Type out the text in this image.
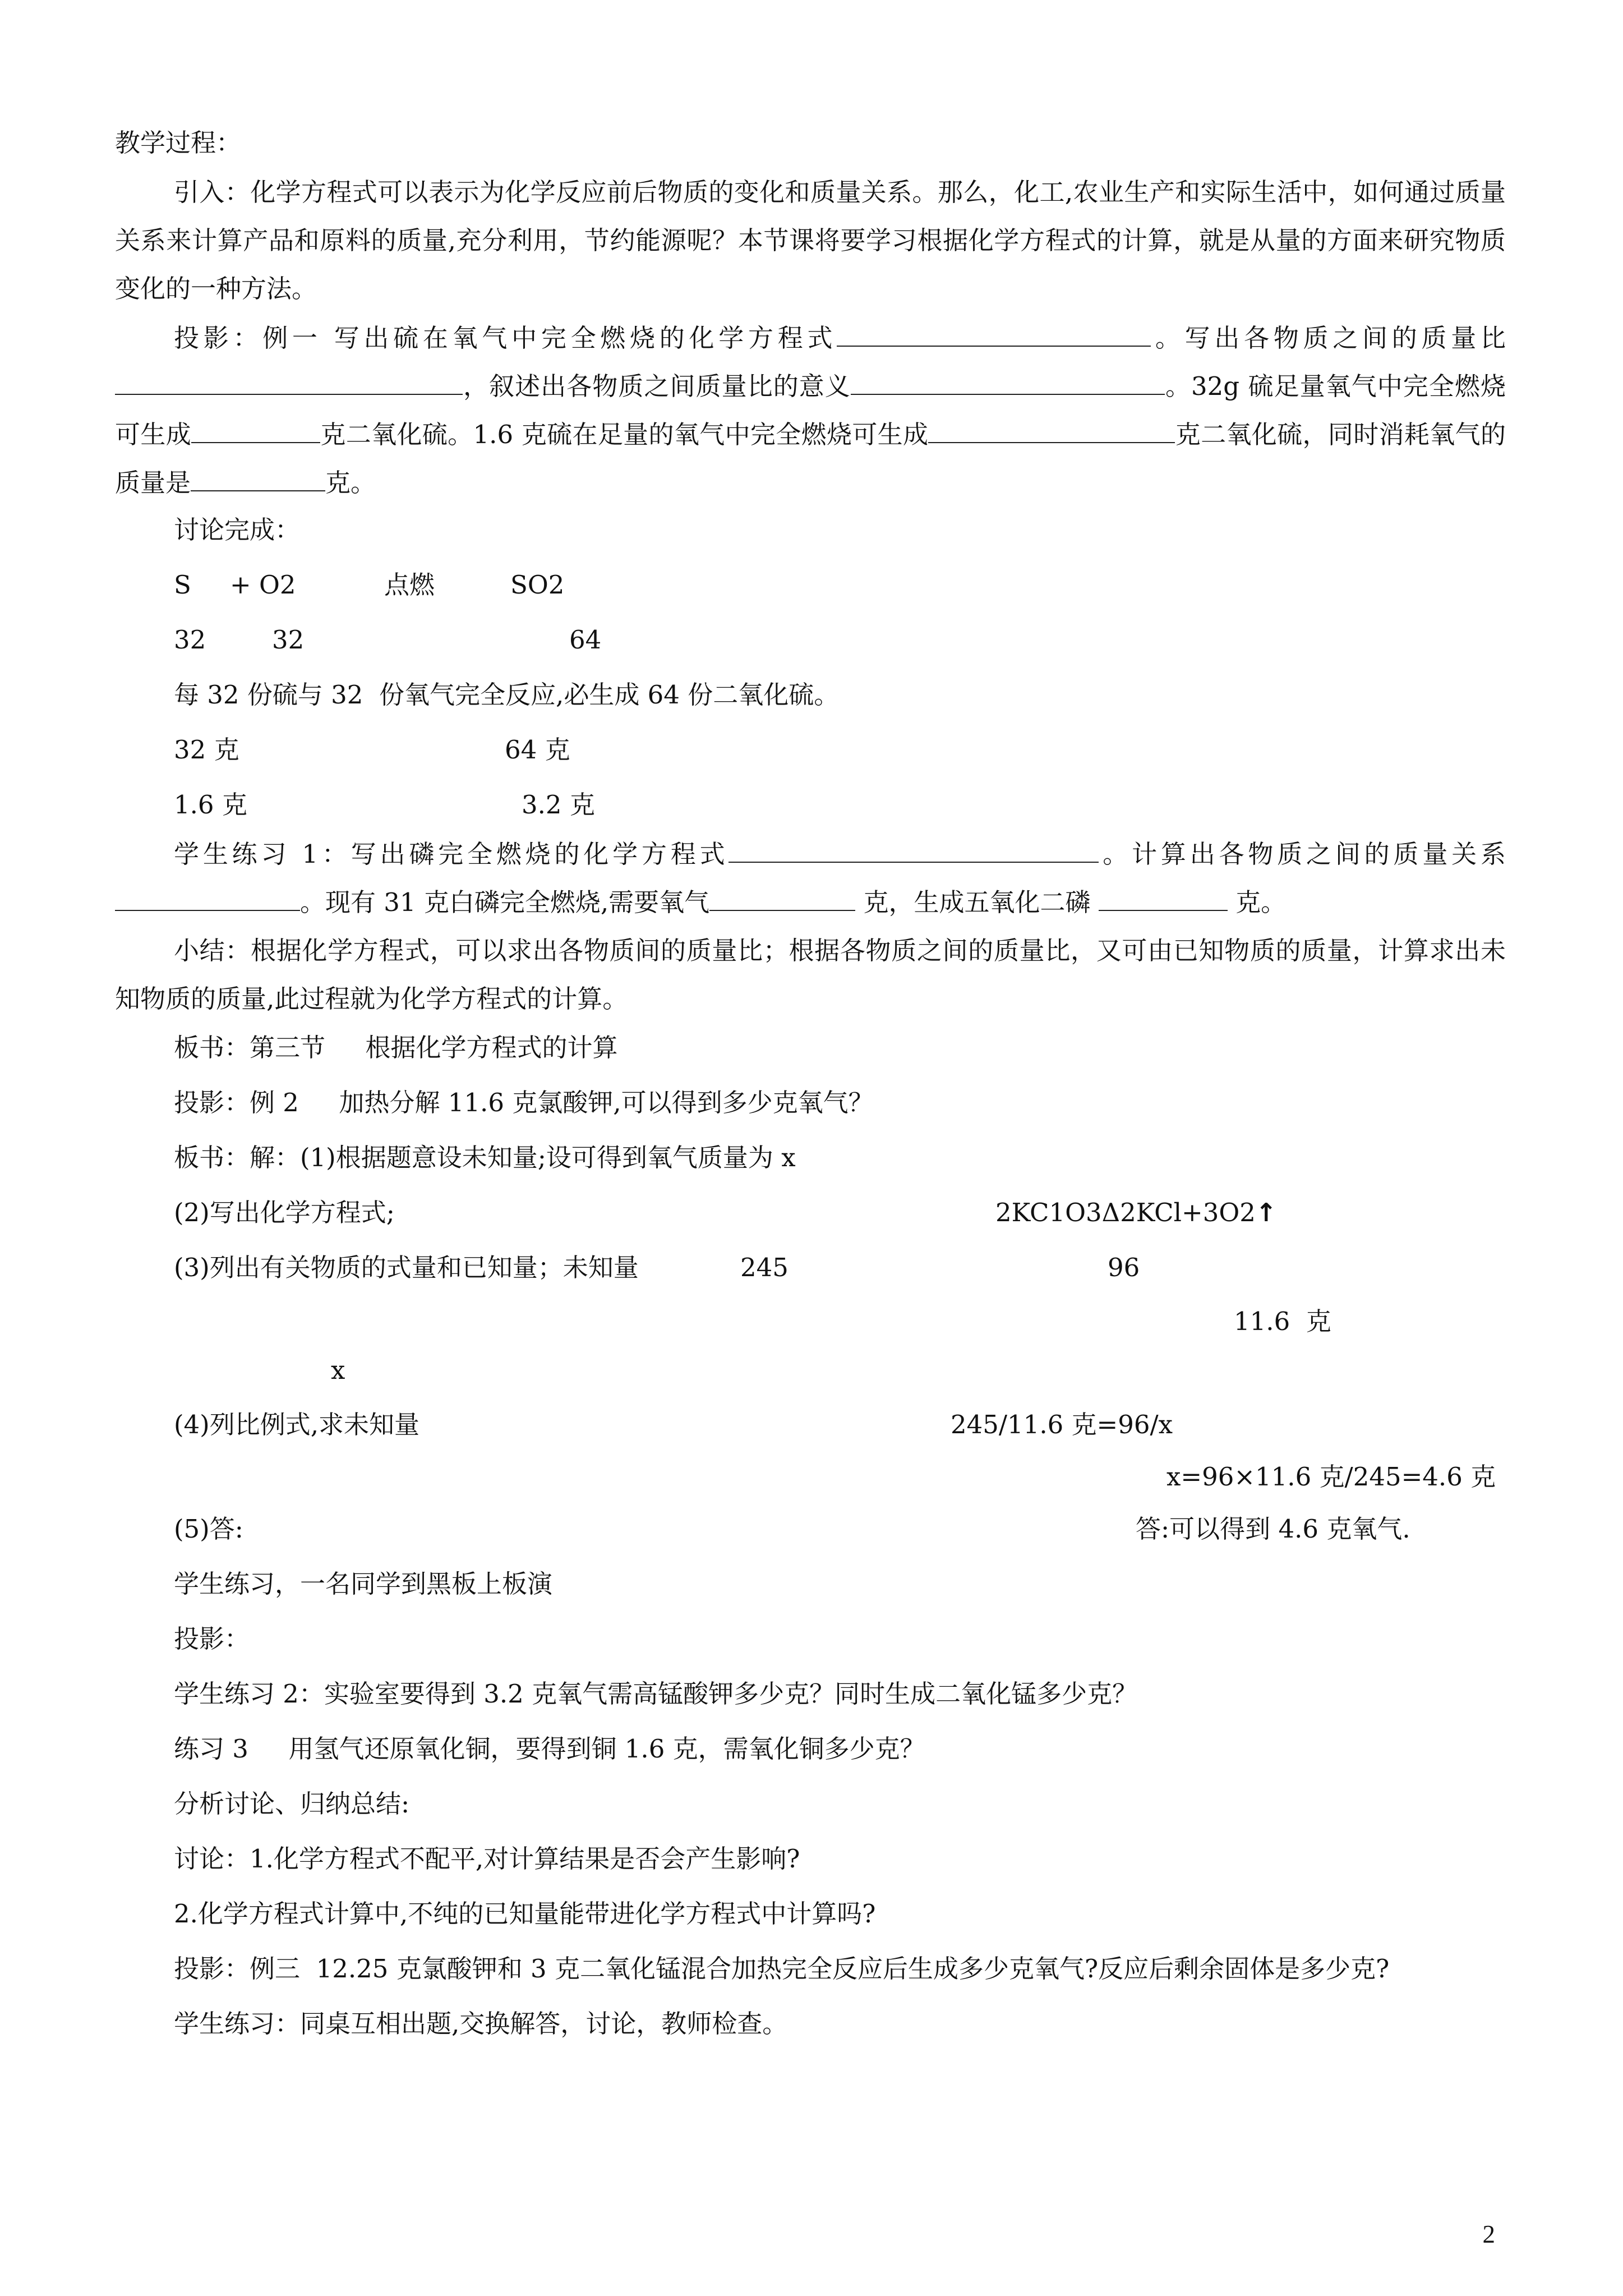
教学过程：

引入：化学方程式可以表示为化学反应前后物质的变化和质量关系。那么，化工,农业生产和实际生活中，如何通过质量关系来计算产品和原料的质量,充分利用，节约能源呢？本节课将要学习根据化学方程式的计算，就是从量的方面来研究物质变化的一种方法。

投影：例一 写出硫在氧气中完全燃烧的化学方程式	。写出各物质之间的质量比，叙述出各物质之间质量比的意义	。32g 硫足量氧气中完全燃烧可生成	克二氧化硫。1.6 克硫在足量的氧气中完全燃烧可生成	克二氧化硫，同时消耗氧气的质量是	克。

讨论完成：

S + O2	点燃	SO2

32	32	64

每 32 份硫与 32  份氧气完全反应,必生成 64 份二氧化硫。

32 克	64 克

1.6 克	3.2 克

学生练习 1：写出磷完全燃烧的化学方程式	。计算出各物质之间的质量关系。现有 31 克白磷完全燃烧,需要氧气	克，生成五氧化二磷	克。

小结：根据化学方程式，可以求出各物质间的质量比；根据各物质之间的质量比，又可由已知物质的质量，计算求出未知物质的质量,此过程就为化学方程式的计算。

板书：第三节     根据化学方程式的计算

投影：例 2     加热分解 11.6 克氯酸钾,可以得到多少克氧气？

板书：解：(1)根据题意设未知量;设可得到氧气质量为 x

(2)写出化学方程式;	2KC1O3Δ2KCl+3O2↑

(3)列出有关物质的式量和已知量；未知量	245	96

11.6  克

x

(4)列比例式,求未知量	245/11.6 克=96/x

x=96×11.6 克/245=4.6 克

(5)答:	答:可以得到 4.6 克氧气.

学生练习，一名同学到黑板上板演

投影：

学生练习 2：实验室要得到 3.2 克氧气需高锰酸钾多少克？同时生成二氧化锰多少克？

练习 3     用氢气还原氧化铜，要得到铜 1.6 克，需氧化铜多少克？

分析讨论、归纳总结:

讨论：1.化学方程式不配平,对计算结果是否会产生影响?

2.化学方程式计算中,不纯的已知量能带进化学方程式中计算吗?

投影：例三  12.25 克氯酸钾和 3 克二氧化锰混合加热完全反应后生成多少克氧气?反应后剩余固体是多少克?

学生练习：同桌互相出题,交换解答，讨论，教师检查。

2
